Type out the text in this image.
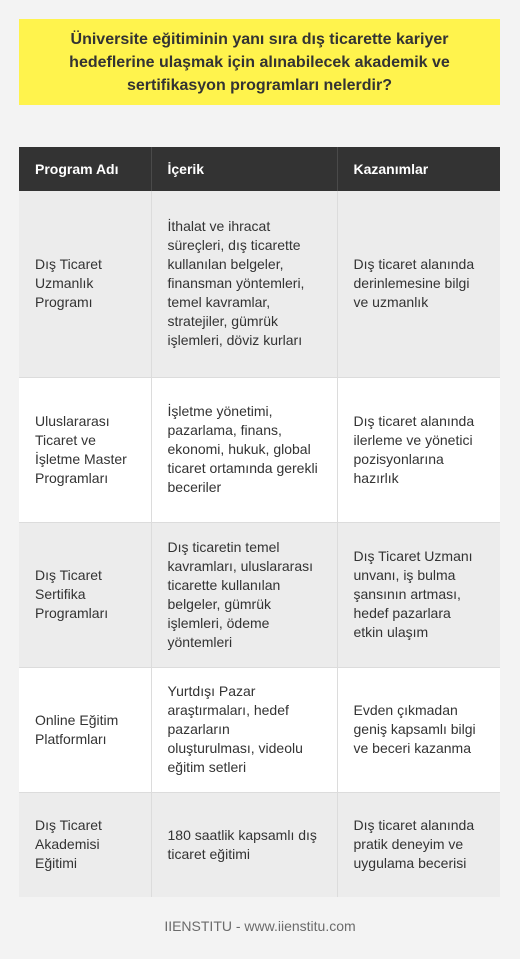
Üniversite eğitiminin yanı sıra dış ticarette kariyer hedeflerine ulaşmak için alınabilecek akademik ve sertifikasyon programları nelerdir?
Program Adı	İçerik	Kazanımlar
Dış Ticaret Uzmanlık Programı	İthalat ve ihracat süreçleri, dış ticarette kullanılan belgeler, finansman yöntemleri, temel kavramlar, stratejiler, gümrük işlemleri, döviz kurları	Dış ticaret alanında derinlemesine bilgi ve uzmanlık
Uluslararası Ticaret ve İşletme Master Programları	İşletme yönetimi, pazarlama, finans, ekonomi, hukuk, global ticaret ortamında gerekli beceriler	Dış ticaret alanında ilerleme ve yönetici pozisyonlarına hazırlık
Dış Ticaret Sertifika Programları	Dış ticaretin temel kavramları, uluslararası ticarette kullanılan belgeler, gümrük işlemleri, ödeme yöntemleri	Dış Ticaret Uzmanı unvanı, iş bulma şansının artması, hedef pazarlara etkin ulaşım
Online Eğitim Platformları	Yurtdışı Pazar araştırmaları, hedef pazarların oluşturulması, videolu eğitim setleri	Evden çıkmadan geniş kapsamlı bilgi ve beceri kazanma
Dış Ticaret Akademisi Eğitimi	180 saatlik kapsamlı dış ticaret eğitimi	Dış ticaret alanında pratik deneyim ve uygulama becerisi
IIENSTITU - www.iienstitu.com
